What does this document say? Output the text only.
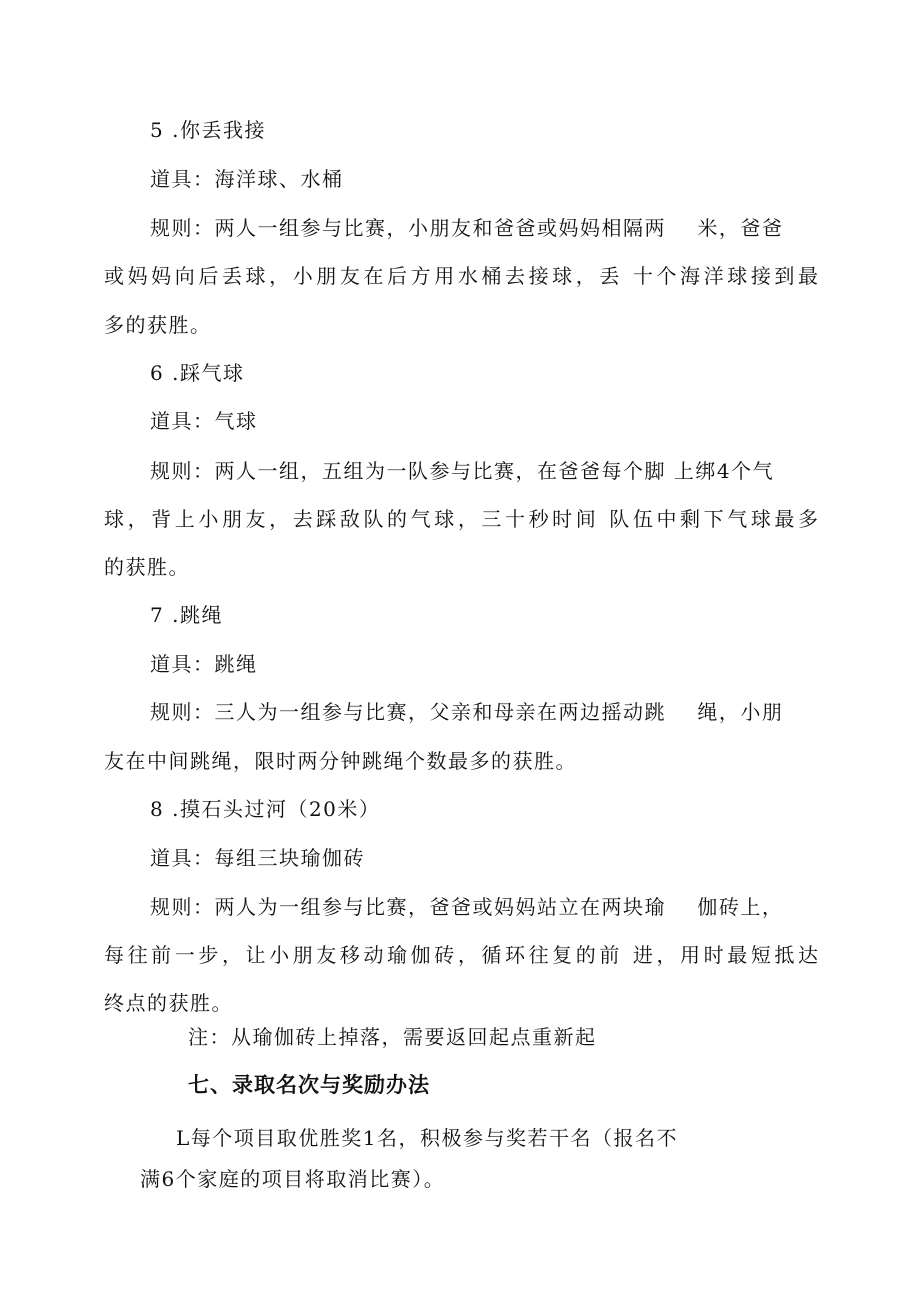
5 .你丢我接
道具：海洋球、水桶
规则：两人一组参与比赛，小朋友和爸爸或妈妈相隔两    米，爸爸
或妈妈向后丢球，小朋友在后方用水桶去接球，丢 十个海洋球接到最
多的获胜。
6 .踩气球
道具：气球
规则：两人一组，五组为一队参与比赛，在爸爸每个脚 上绑4个气
球，背上小朋友，去踩敌队的气球，三十秒时间 队伍中剩下气球最多
的获胜。
7 .跳绳
道具：跳绳
规则：三人为一组参与比赛，父亲和母亲在两边摇动跳    绳，小朋
友在中间跳绳，限时两分钟跳绳个数最多的获胜。
8 .摸石头过河（20米）
道具：每组三块瑜伽砖
规则：两人为一组参与比赛，爸爸或妈妈站立在两块瑜    伽砖上，
每往前一步，让小朋友移动瑜伽砖，循环往复的前 进，用时最短抵达
终点的获胜。
注：从瑜伽砖上掉落，需要返回起点重新起
七、录取名次与奖励办法
L每个项目取优胜奖1名，积极参与奖若干名（报名不
满6个家庭的项目将取消比赛）。
